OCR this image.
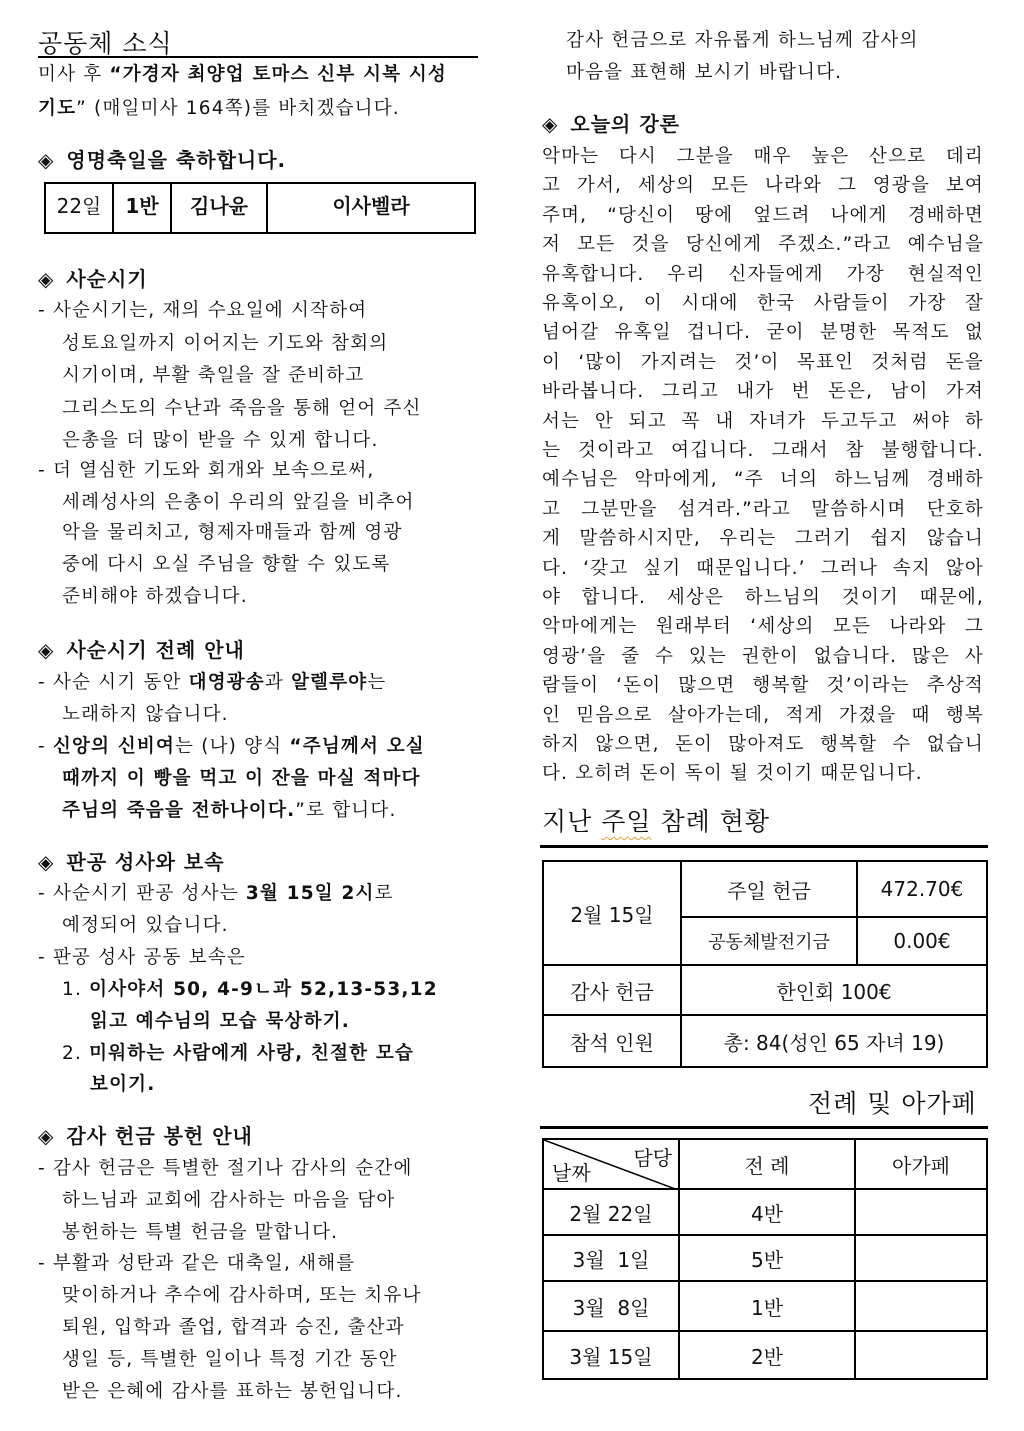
공동체 소식
미사 후 “가경자 최양업 토마스 신부 시복 시성
기도” (매일미사 164쪽)를 바치겠습니다.
◈ 영명축일을 축하합니다.
22일	1반	김나윤	이사벨라
◈ 사순시기
- 사순시기는, 재의 수요일에 시작하여
성토요일까지 이어지는 기도와 참회의
시기이며, 부활 축일을 잘 준비하고
그리스도의 수난과 죽음을 통해 얻어 주신
은총을 더 많이 받을 수 있게 합니다.
- 더 열심한 기도와 회개와 보속으로써,
세례성사의 은총이 우리의 앞길을 비추어
악을 물리치고, 형제자매들과 함께 영광
중에 다시 오실 주님을 향할 수 있도록
준비해야 하겠습니다.
◈ 사순시기 전례 안내
- 사순 시기 동안 대영광송과 알렐루야는
노래하지 않습니다.
- 신앙의 신비여는 (나) 양식 “주님께서 오실
때까지 이 빵을 먹고 이 잔을 마실 적마다
주님의 죽음을 전하나이다.”로 합니다.
◈ 판공 성사와 보속
- 사순시기 판공 성사는 3월 15일 2시로
예정되어 있습니다.
- 판공 성사 공동 보속은
1. 이사야서 50, 4-9ㄴ과 52,13-53,12
읽고 예수님의 모습 묵상하기.
2. 미워하는 사람에게 사랑, 친절한 모습
보이기.
◈ 감사 헌금 봉헌 안내
- 감사 헌금은 특별한 절기나 감사의 순간에
하느님과 교회에 감사하는 마음을 담아
봉헌하는 특별 헌금을 말합니다.
- 부활과 성탄과 같은 대축일, 새해를
맞이하거나 추수에 감사하며, 또는 치유나
퇴원, 입학과 졸업, 합격과 승진, 출산과
생일 등, 특별한 일이나 특정 기간 동안
받은 은혜에 감사를 표하는 봉헌입니다.
감사 헌금으로 자유롭게 하느님께 감사의
마음을 표현해 보시기 바랍니다.
◈ 오늘의 강론
악마는 다시 그분을 매우 높은 산으로 데리
고 가서, 세상의 모든 나라와 그 영광을 보여
주며, “당신이 땅에 엎드려 나에게 경배하면
저 모든 것을 당신에게 주겠소.”라고 예수님을
유혹합니다. 우리 신자들에게 가장 현실적인
유혹이오, 이 시대에 한국 사람들이 가장 잘
넘어갈 유혹일 겁니다. 굳이 분명한 목적도 없
이 ‘많이 가지려는 것’이 목표인 것처럼 돈을
바라봅니다. 그리고 내가 번 돈은, 남이 가져
서는 안 되고 꼭 내 자녀가 두고두고 써야 하
는 것이라고 여깁니다. 그래서 참 불행합니다.
예수님은 악마에게, “주 너의 하느님께 경배하
고 그분만을 섬겨라.”라고 말씀하시며 단호하
게 말씀하시지만, 우리는 그러기 쉽지 않습니
다. ‘갖고 싶기 때문입니다.’ 그러나 속지 않아
야 합니다. 세상은 하느님의 것이기 때문에,
악마에게는 원래부터 ‘세상의 모든 나라와 그
영광’을 줄 수 있는 권한이 없습니다. 많은 사
람들이 ‘돈이 많으면 행복할 것’이라는 추상적
인 믿음으로 살아가는데, 적게 가졌을 때 행복
하지 않으면, 돈이 많아져도 행복할 수 없습니
다. 오히려 돈이 독이 될 것이기 때문입니다.
지난 주일 참례 현황
2월 15일	주일 헌금	472.70€
	공동체발전기금	0.00€
감사 헌금	한인회 100€	
참석 인원	총: 84(성인 65 자녀 19)	
전례 및 아가페
담당
날짜	전 례	아가페
2월 22일	4반	
3월  1일	5반	
3월  8일	1반	
3월 15일	2반	
